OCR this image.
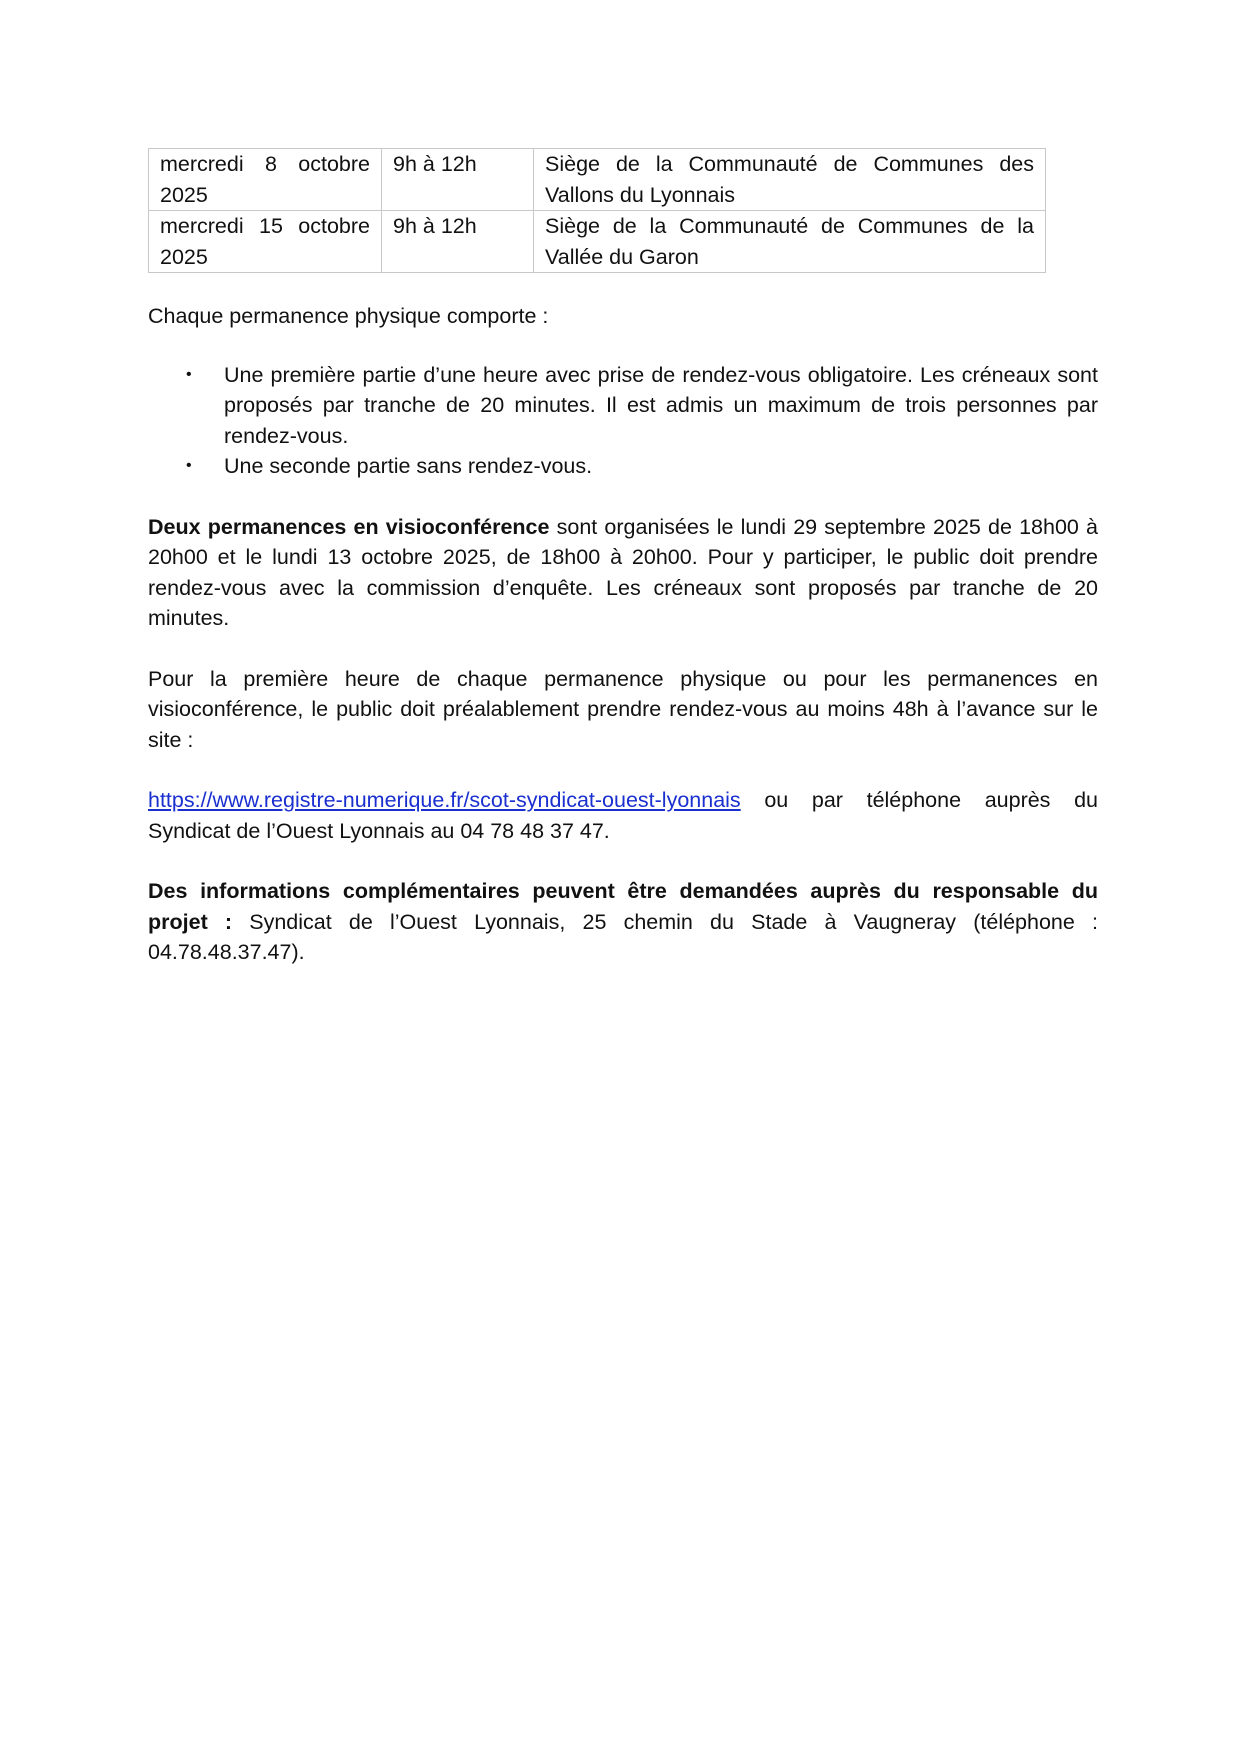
mercredi 8 octobre 2025	9h à 12h	Siège de la Communauté de Communes des Vallons du Lyonnais
mercredi 15 octobre 2025	9h à 12h	Siège de la Communauté de Communes de la Vallée du Garon

Chaque permanence physique comporte :

• Une première partie d’une heure avec prise de rendez-vous obligatoire. Les créneaux sont proposés par tranche de 20 minutes. Il est admis un maximum de trois personnes par rendez-vous.
• Une seconde partie sans rendez-vous.

Deux permanences en visioconférence sont organisées le lundi 29 septembre 2025 de 18h00 à 20h00 et le lundi 13 octobre 2025, de 18h00 à 20h00. Pour y participer, le public doit prendre rendez-vous avec la commission d’enquête. Les créneaux sont proposés par tranche de 20 minutes.

Pour la première heure de chaque permanence physique ou pour les permanences en visioconférence, le public doit préalablement prendre rendez-vous au moins 48h à l’avance sur le site :

https://www.registre-numerique.fr/scot-syndicat-ouest-lyonnais ou par téléphone auprès du Syndicat de l’Ouest Lyonnais au 04 78 48 37 47.

Des informations complémentaires peuvent être demandées auprès du responsable du projet : Syndicat de l’Ouest Lyonnais, 25 chemin du Stade à Vaugneray (téléphone : 04.78.48.37.47).
